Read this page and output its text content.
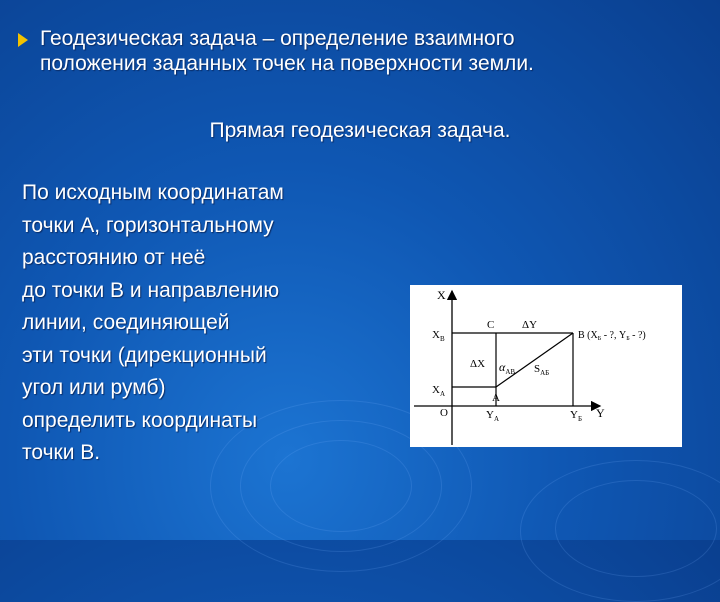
Геодезическая задача – определение взаимного
положения заданных точек на поверхности земли.
Прямая геодезическая задача.
По исходным координатам
точки А, горизонтальному
расстоянию от неё
до точки В и направлению
линии, соединяющей
эти точки (дирекционный
угол или румб)
определить координаты
точки В.
X
Y
O
$X_B$
$X_A$
$Y_A$	$Y_Б$
C
A
ΔY
ΔX $\alpha_{АВ}$ $S_{АБ}$
B ($X_Б$ - ?, $Y_Б$ - ?)
